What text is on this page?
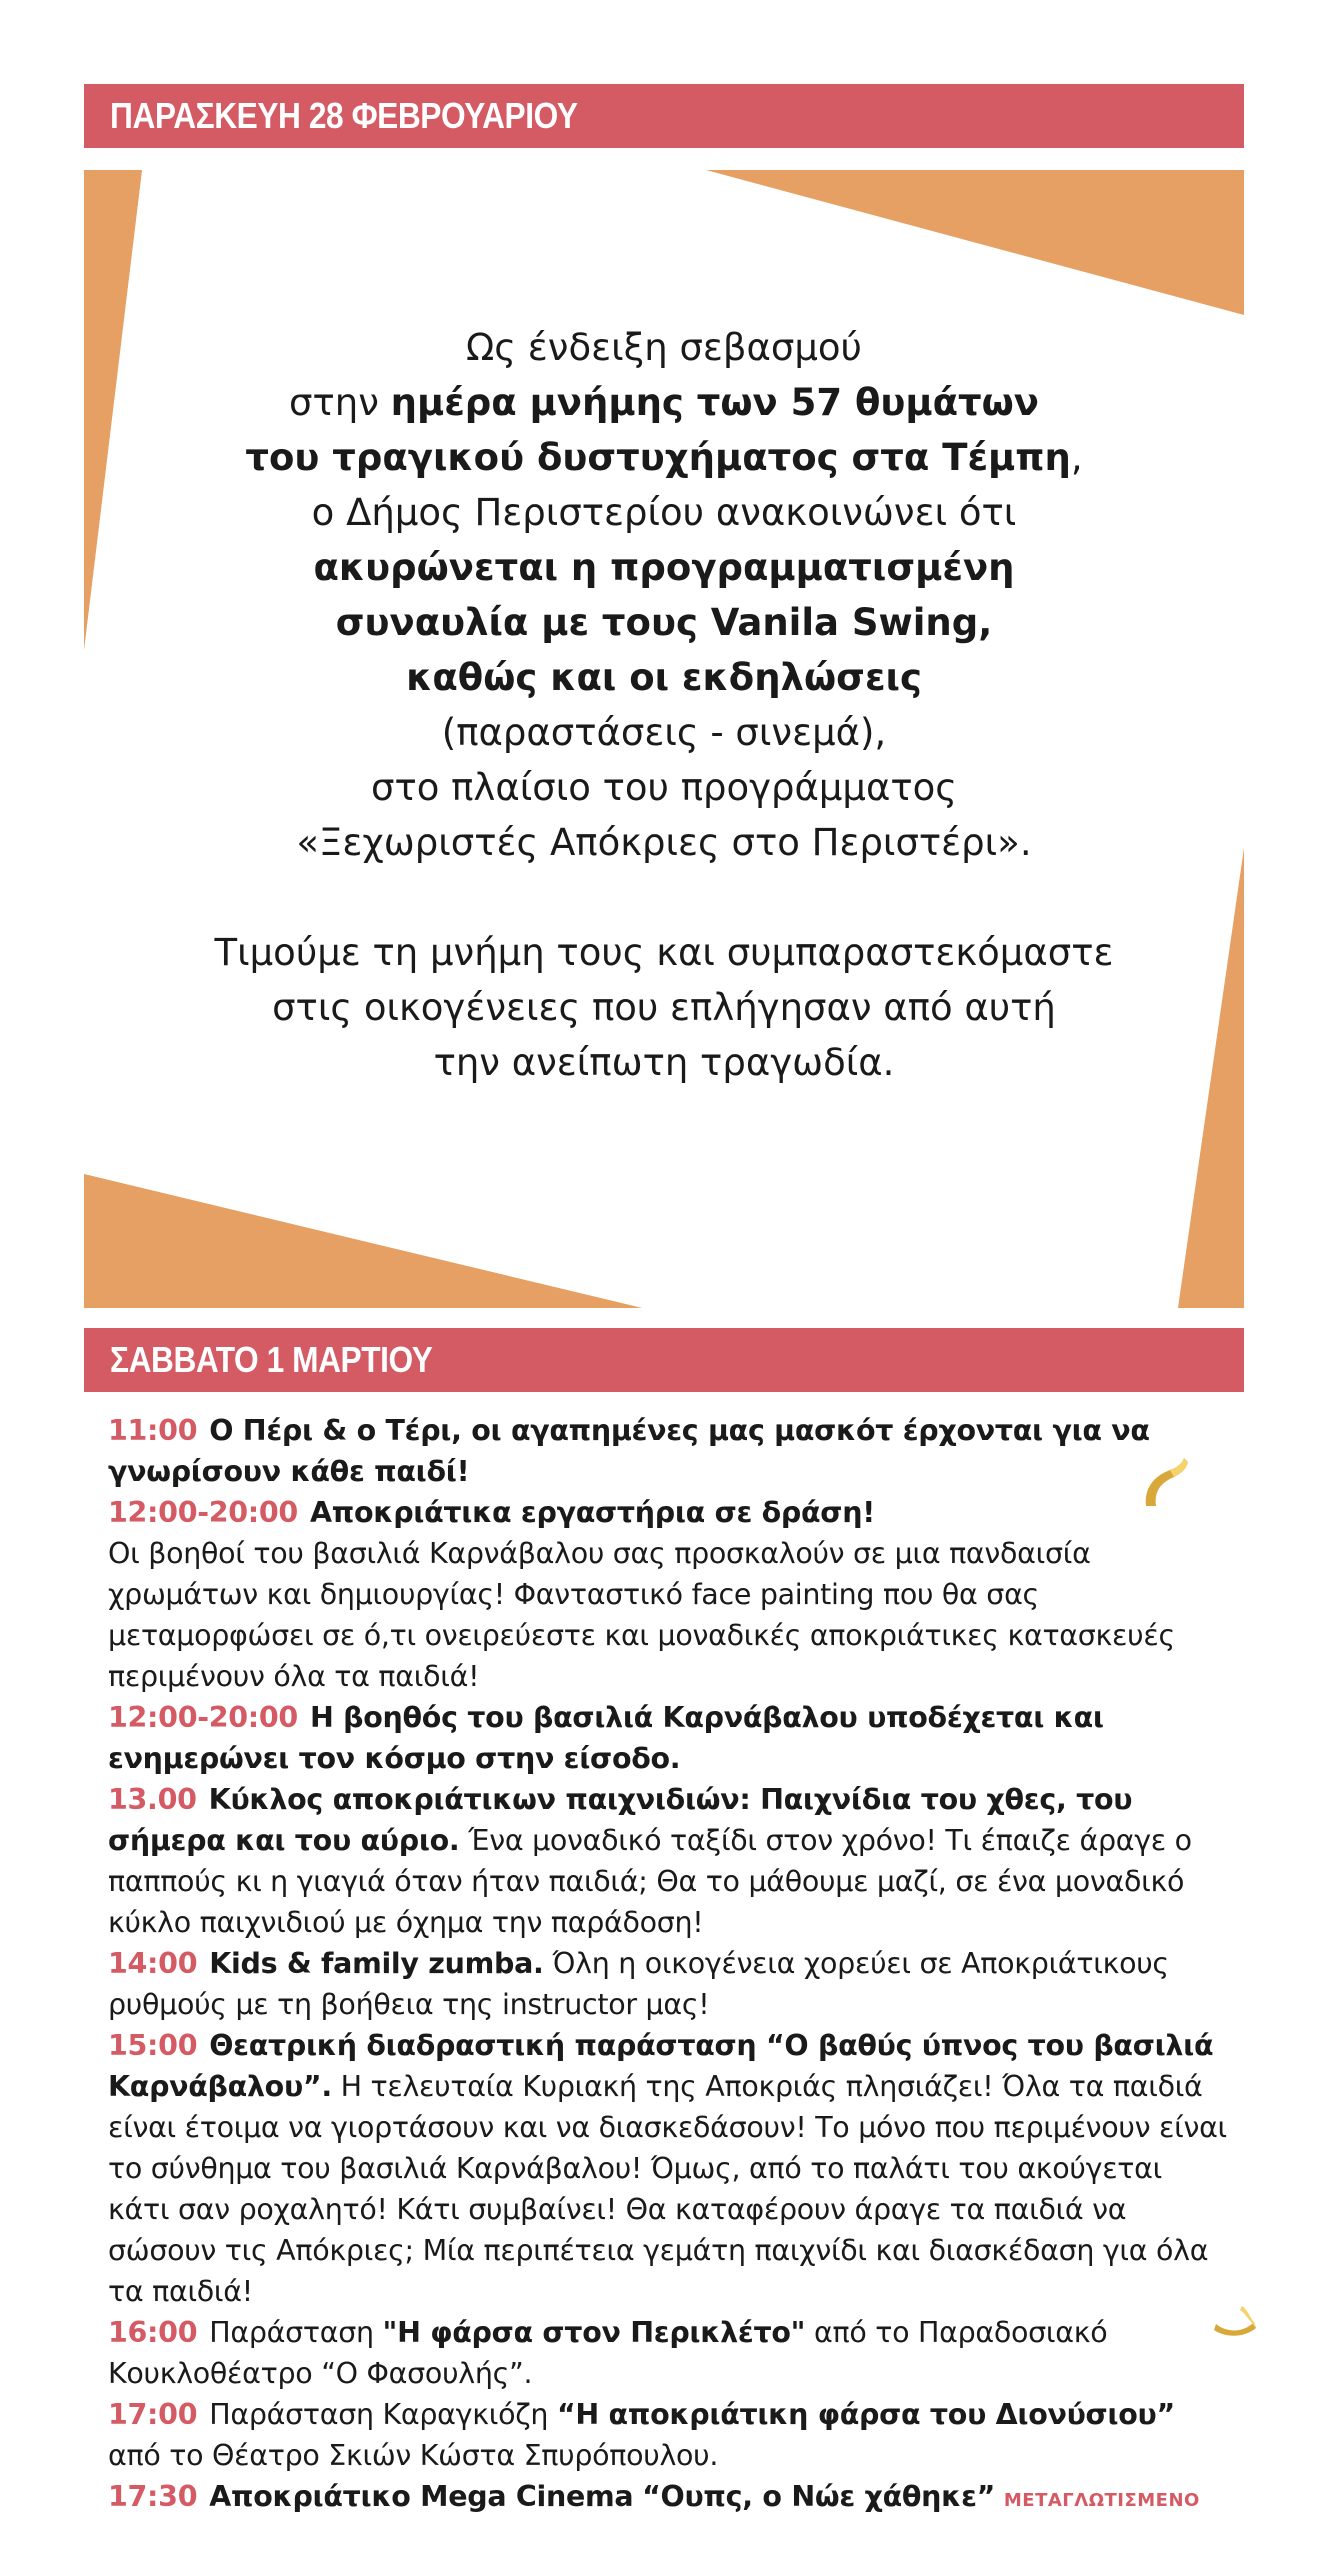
ΠΑΡΑΣΚΕΥΗ 28 ΦΕΒΡΟΥΑΡΙΟΥ

Ως ένδειξη σεβασμού

στην ημέρα μνήμης των 57 θυμάτων

του τραγικού δυστυχήματος στα Τέμπη,

ο Δήμος Περιστερίου ανακοινώνει ότι

ακυρώνεται η προγραμματισμένη

συναυλία με τους Vanila Swing,

καθώς και οι εκδηλώσεις

(παραστάσεις - σινεμά),

στο πλαίσιο του προγράμματος

«Ξεχωριστές Απόκριες στο Περιστέρι».

Τιμούμε τη μνήμη τους και συμπαραστεκόμαστε

στις οικογένειες που επλήγησαν από αυτή

την ανείπωτη τραγωδία.

ΣΑΒΒΑΤΟ 1 ΜΑΡΤΙΟΥ

11:00 Ο Πέρι & ο Τέρι, οι αγαπημένες μας μασκότ έρχονται για να γνωρίσουν κάθε παιδί!

12:00-20:00 Αποκριάτικα εργαστήρια σε δράση!
Οι βοηθοί του βασιλιά Καρνάβαλου σας προσκαλούν σε μια πανδαισία χρωμάτων και δημιουργίας! Φανταστικό face painting που θα σας μεταμορφώσει σε ό,τι ονειρεύεστε και μοναδικές αποκριάτικες κατασκευές περιμένουν όλα τα παιδιά!

12:00-20:00 Η βοηθός του βασιλιά Καρνάβαλου υποδέχεται και ενημερώνει τον κόσμο στην είσοδο.

13.00 Κύκλος αποκριάτικων παιχνιδιών: Παιχνίδια του χθες, του σήμερα και του αύριο. Ένα μοναδικό ταξίδι στον χρόνο! Τι έπαιζε άραγε ο παππούς κι η γιαγιά όταν ήταν παιδιά; Θα το μάθουμε μαζί, σε ένα μοναδικό κύκλο παιχνιδιού με όχημα την παράδοση!

14:00 Kids & family zumba. Όλη η οικογένεια χορεύει σε Αποκριάτικους ρυθμούς με τη βοήθεια της instructor μας!

15:00 Θεατρική διαδραστική παράσταση “Ο βαθύς ύπνος του βασιλιά Καρνάβαλου”. Η τελευταία Κυριακή της Αποκριάς πλησιάζει! Όλα τα παιδιά είναι έτοιμα να γιορτάσουν και να διασκεδάσουν! Το μόνο που περιμένουν είναι το σύνθημα του βασιλιά Καρνάβαλου! Όμως, από το παλάτι του ακούγεται κάτι σαν ροχαλητό! Κάτι συμβαίνει! Θα καταφέρουν άραγε τα παιδιά να σώσουν τις Απόκριες; Μία περιπέτεια γεμάτη παιχνίδι και διασκέδαση για όλα τα παιδιά!

16:00 Παράσταση "Η φάρσα στον Περικλέτο" από το Παραδοσιακό Κουκλοθέατρο “Ο Φασουλής”.

17:00 Παράσταση Καραγκιόζη “Η αποκριάτικη φάρσα του Διονύσιου” από το Θέατρο Σκιών Κώστα Σπυρόπουλου.

17:30 Αποκριάτικο Mega Cinema “Ουπς, ο Νώε χάθηκε” ΜΕΤΑΓΛΩΤΙΣΜΕΝΟ
